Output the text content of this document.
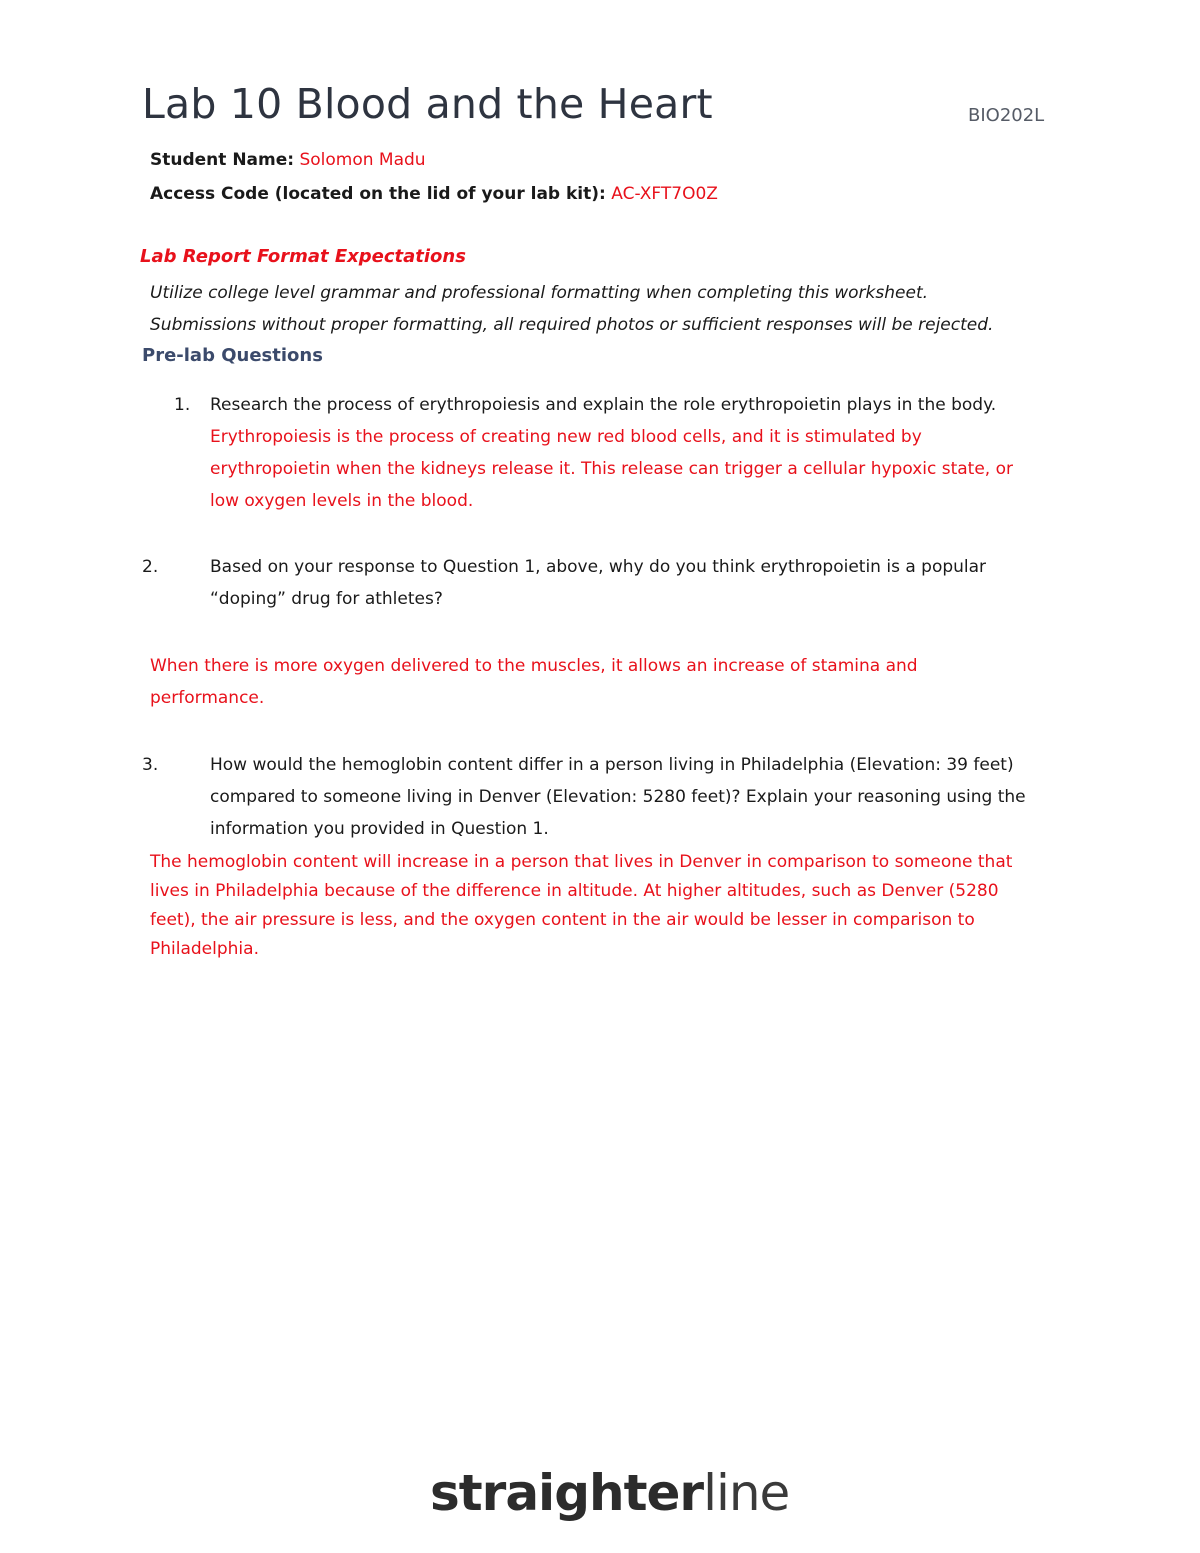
Lab 10 Blood and the Heart	BIO202L
Student Name: Solomon Madu
Access Code (located on the lid of your lab kit): AC-XFT7O0Z
Lab Report Format Expectations
Utilize college level grammar and professional formatting when completing this worksheet.
Submissions without proper formatting, all required photos or sufficient responses will be rejected.
Pre-lab Questions
1. Research the process of erythropoiesis and explain the role erythropoietin plays in the body.
Erythropoiesis is the process of creating new red blood cells, and it is stimulated by
erythropoietin when the kidneys release it. This release can trigger a cellular hypoxic state, or
low oxygen levels in the blood.
2.	Based on your response to Question 1, above, why do you think erythropoietin is a popular
“doping” drug for athletes?
When there is more oxygen delivered to the muscles, it allows an increase of stamina and
performance.
3.	How would the hemoglobin content differ in a person living in Philadelphia (Elevation: 39 feet)
compared to someone living in Denver (Elevation: 5280 feet)? Explain your reasoning using the
information you provided in Question 1.
The hemoglobin content will increase in a person that lives in Denver in comparison to someone that
lives in Philadelphia because of the difference in altitude. At higher altitudes, such as Denver (5280
feet), the air pressure is less, and the oxygen content in the air would be lesser in comparison to
Philadelphia.
straighterline
